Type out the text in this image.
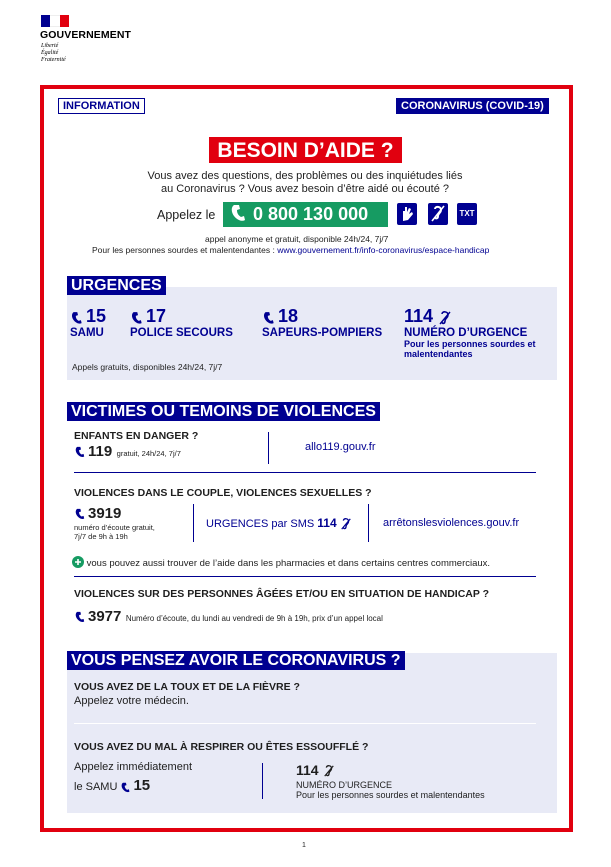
GOUVERNEMENT
Liberté
Égalité
Fraternité
INFORMATION	CORONAVIRUS (COVID-19)
BESOIN D’AIDE ?
Vous avez des questions, des problèmes ou des inquiétudes liés
au Coronavirus ? Vous avez besoin d’être aidé ou écouté ?
Appelez le	0 800 130 000	TXT
appel anonyme et gratuit, disponible 24h/24, 7j/7
Pour les personnes sourdes et malentendantes : www.gouvernement.fr/info-coronavirus/espace-handicap
URGENCES
15
SAMU
17
POLICE SECOURS
18
SAPEURS-POMPIERS
114
NUMÉRO D’URGENCE
Pour les personnes sourdes et
malentendantes
Appels gratuits, disponibles 24h/24, 7j/7
VICTIMES OU TEMOINS DE VIOLENCES
ENFANTS EN DANGER ?
119 gratuit, 24h/24, 7j/7
allo119.gouv.fr
VIOLENCES DANS LE COUPLE, VIOLENCES SEXUELLES ?
3919
numéro d’écoute gratuit,
7j/7 de 9h à 19h
URGENCES par SMS 114	arrêtonslesviolences.gouv.fr
vous pouvez aussi trouver de l’aide dans les pharmacies et dans certains centres commerciaux.
VIOLENCES SUR DES PERSONNES ÂGÉES ET/OU EN SITUATION DE HANDICAP ?
3977 Numéro d’écoute, du lundi au vendredi de 9h à 19h, prix d’un appel local
VOUS PENSEZ AVOIR LE CORONAVIRUS ?
VOUS AVEZ DE LA TOUX ET DE LA FIÈVRE ?
Appelez votre médecin.
VOUS AVEZ DU MAL À RESPIRER OU ÊTES ESSOUFFLÉ ?
Appelez immédiatement
le SAMU 15
114
NUMÉRO D’URGENCE
Pour les personnes sourdes et malentendantes
1
